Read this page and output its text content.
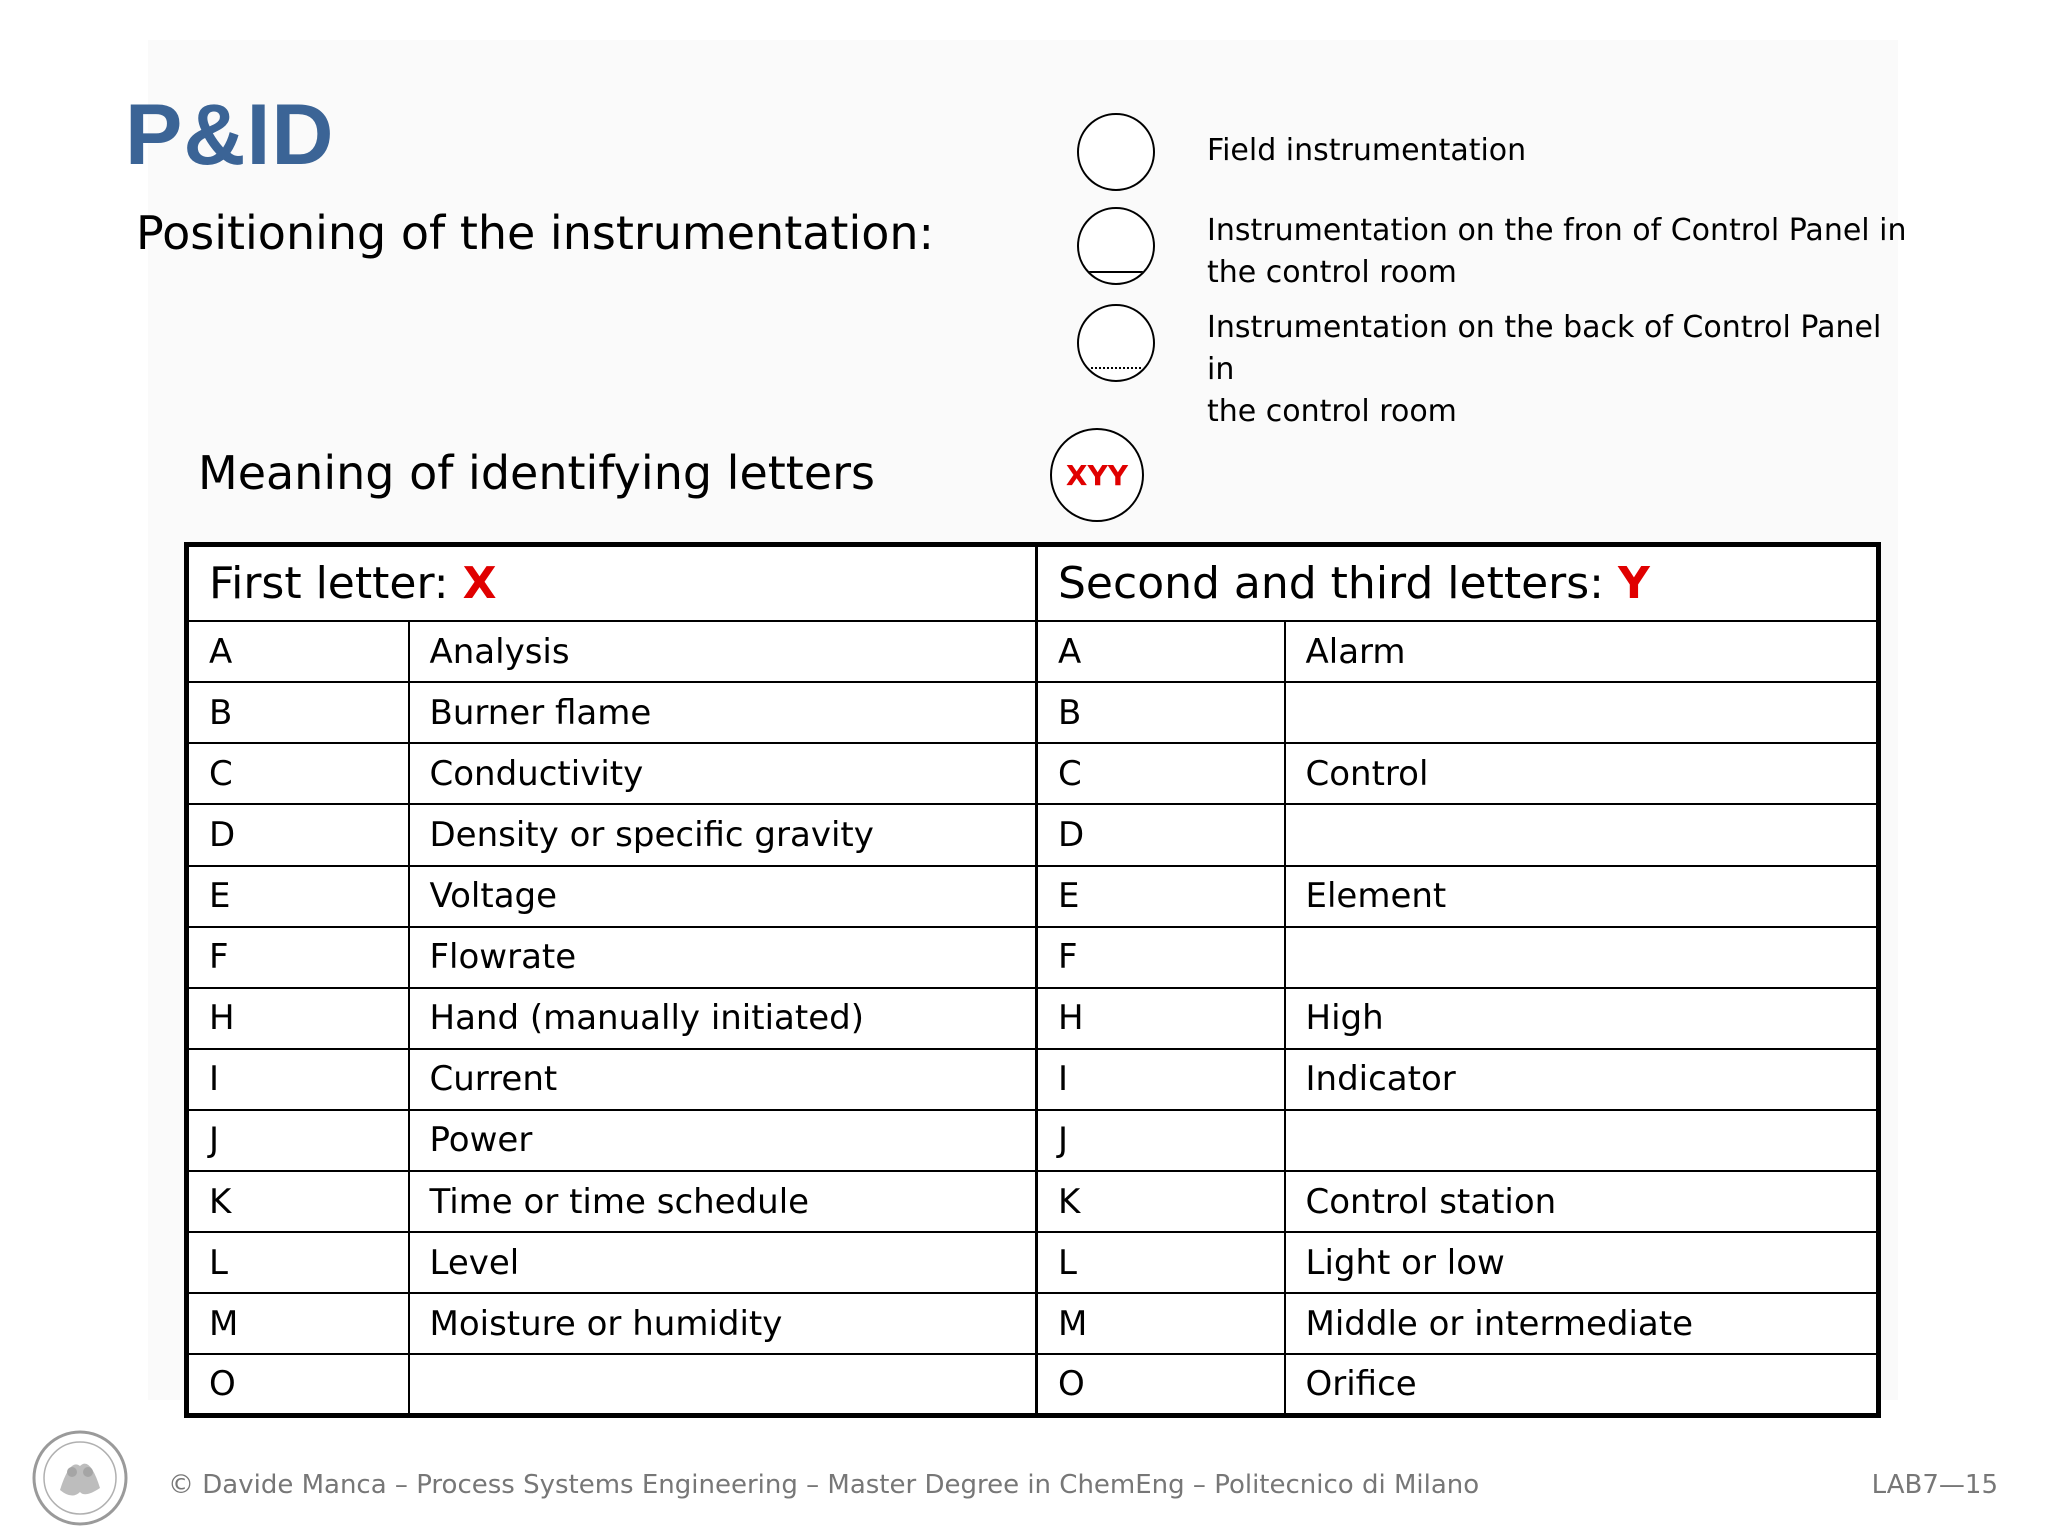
P&ID
Positioning of the instrumentation:
Field instrumentation
Instrumentation on the fron of Control Panel in
the control room
Instrumentation on the back of Control Panel in
the control room
Meaning of identifying letters	XYY
First letter: X		Second and third letters: Y	
A	Analysis	A	Alarm
B	Burner flame	B	
C	Conductivity	C	Control
D	Density or specific gravity	D	
E	Voltage	E	Element
F	Flowrate	F	
H	Hand (manually initiated)	H	High
I	Current	I	Indicator
J	Power	J	
K	Time or time schedule	K	Control station
L	Level	L	Light or low
M	Moisture or humidity	M	Middle or intermediate
O		O	Orifice
© Davide Manca – Process Systems Engineering – Master Degree in ChemEng – Politecnico di Milano	LAB7—15
